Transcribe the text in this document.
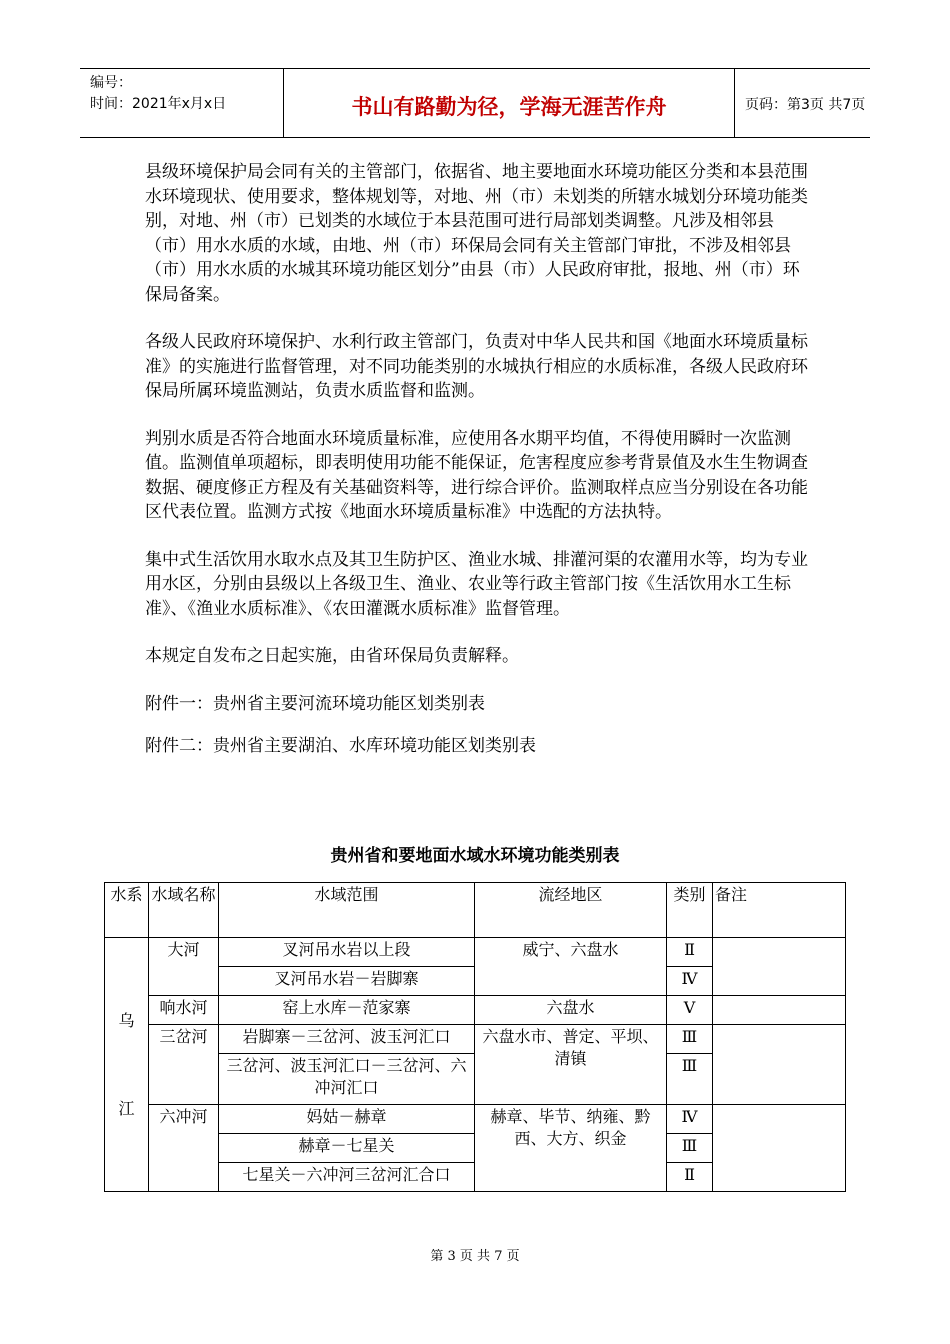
编号：
时间：2021年x月x日	书山有路勤为径，学海无涯苦作舟	页码：第3页 共7页

县级环境保护局会同有关的主管部门，依据省、地主要地面水环境功能区分类和本县范围水环境现状、使用要求，整体规划等，对地、州（市）未划类的所辖水城划分环境功能类别，对地、州（市）已划类的水域位于本县范围可进行局部划类调整。凡涉及相邻县（市）用水水质的水域，由地、州（市）环保局会同有关主管部门审批，不涉及相邻县（市）用水水质的水城其环境功能区划分”由县（市）人民政府审批，报地、州（市）环保局备案。

各级人民政府环境保护、水利行政主管部门，负责对中华人民共和国《地面水环境质量标准》的实施进行监督管理，对不同功能类别的水城执行相应的水质标准，各级人民政府环保局所属环境监测站，负责水质监督和监测。

判别水质是否符合地面水环境质量标准，应使用各水期平均值，不得使用瞬时一次监测值。监测值单项超标，即表明使用功能不能保证，危害程度应参考背景值及水生生物调查数据、硬度修正方程及有关基础资料等，进行综合评价。监测取样点应当分别设在各功能区代表位置。监测方式按《地面水环境质量标准》中选配的方法执特。

集中式生活饮用水取水点及其卫生防护区、渔业水城、排灌河渠的农灌用水等，均为专业用水区，分别由县级以上各级卫生、渔业、农业等行政主管部门按《生活饮用水工生标准》、《渔业水质标准》、《农田灌溉水质标准》监督管理。

本规定自发布之日起实施，由省环保局负责解释。

附件一：贵州省主要河流环境功能区划类别表

附件二：贵州省主要湖泊、水库环境功能区划类别表

贵州省和要地面水域水环境功能类别表
水系	水域名称	水域范围	流经地区	类别	备注

乌
江	大河	叉河吊水岩以上段	威宁、六盘水	Ⅱ	
		叉河吊水岩－岩脚寨		Ⅳ	
	响水河	窑上水库－范家寨	六盘水	Ⅴ	
	三岔河	岩脚寨－三岔河、波玉河汇口	六盘水市、普定、平坝、清镇	Ⅲ	
		三岔河、波玉河汇口－三岔河、六冲河汇口		Ⅲ	
	六冲河	妈姑－赫章	赫章、毕节、纳雍、黔西、大方、织金	Ⅳ	
		赫章－七星关		Ⅲ	
		七星关－六冲河三岔河汇合口		Ⅱ	
第 3 页 共 7 页
